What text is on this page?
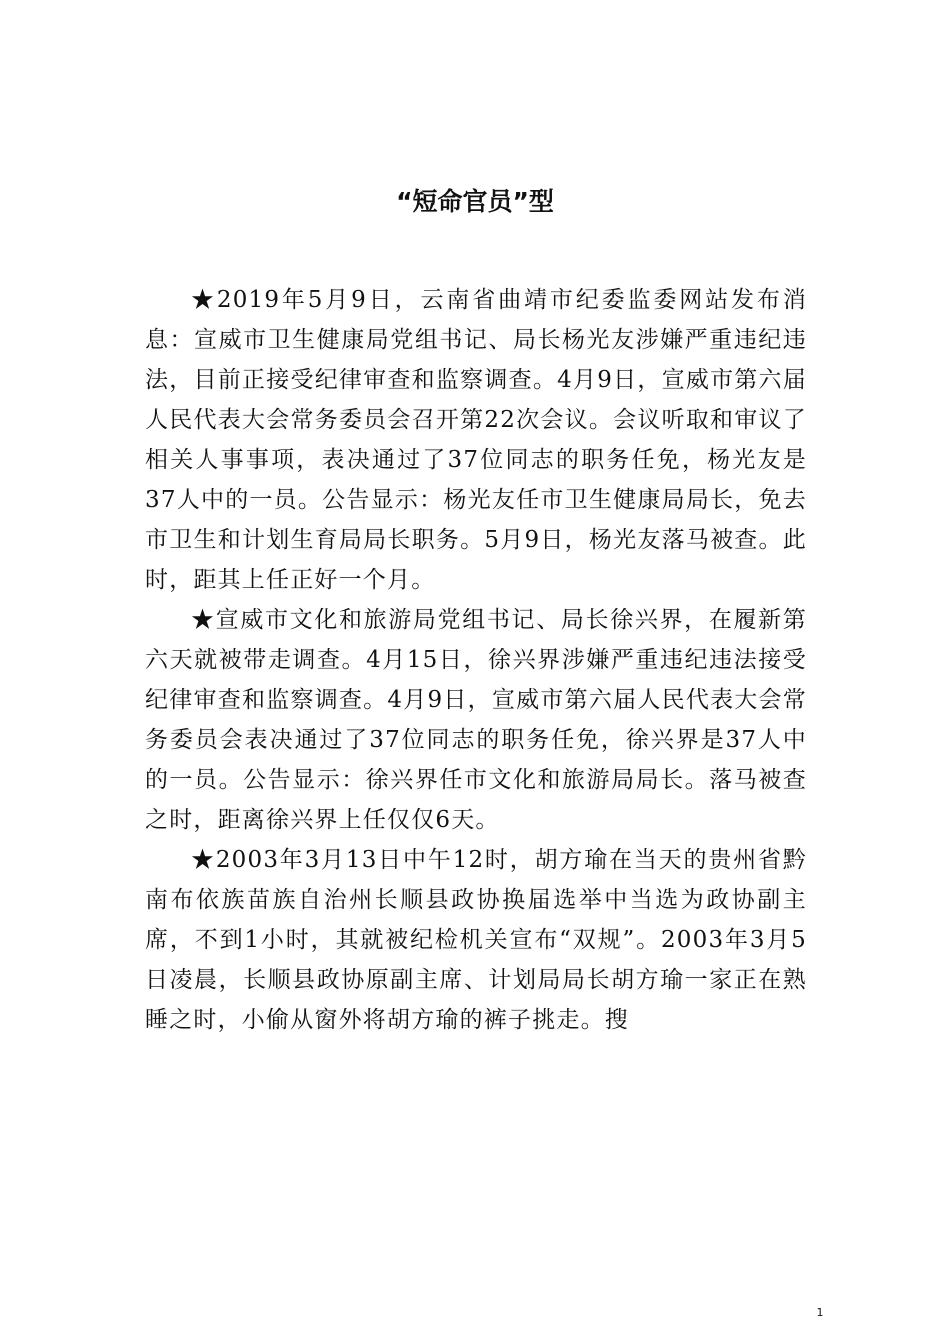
“短命官员”型

★2019年5月9日，云南省曲靖市纪委监委网站发布消息：宣威市卫生健康局党组书记、局长杨光友涉嫌严重违纪违法，目前正接受纪律审查和监察调查。4月9日，宣威市第六届人民代表大会常务委员会召开第22次会议。会议听取和审议了相关人事事项，表决通过了37位同志的职务任免，杨光友是37人中的一员。公告显示：杨光友任市卫生健康局局长，免去市卫生和计划生育局局长职务。5月9日，杨光友落马被查。此时，距其上任正好一个月。

★宣威市文化和旅游局党组书记、局长徐兴界，在履新第六天就被带走调查。4月15日，徐兴界涉嫌严重违纪违法接受纪律审查和监察调查。4月9日，宣威市第六届人民代表大会常务委员会表决通过了37位同志的职务任免，徐兴界是37人中的一员。公告显示：徐兴界任市文化和旅游局局长。落马被查之时，距离徐兴界上任仅仅6天。

★2003年3月13日中午12时，胡方瑜在当天的贵州省黔南布依族苗族自治州长顺县政协换届选举中当选为政协副主席，不到1小时，其就被纪检机关宣布“双规”。2003年3月5日凌晨，长顺县政协原副主席、计划局局长胡方瑜一家正在熟睡之时，小偷从窗外将胡方瑜的裤子挑走。搜

1
